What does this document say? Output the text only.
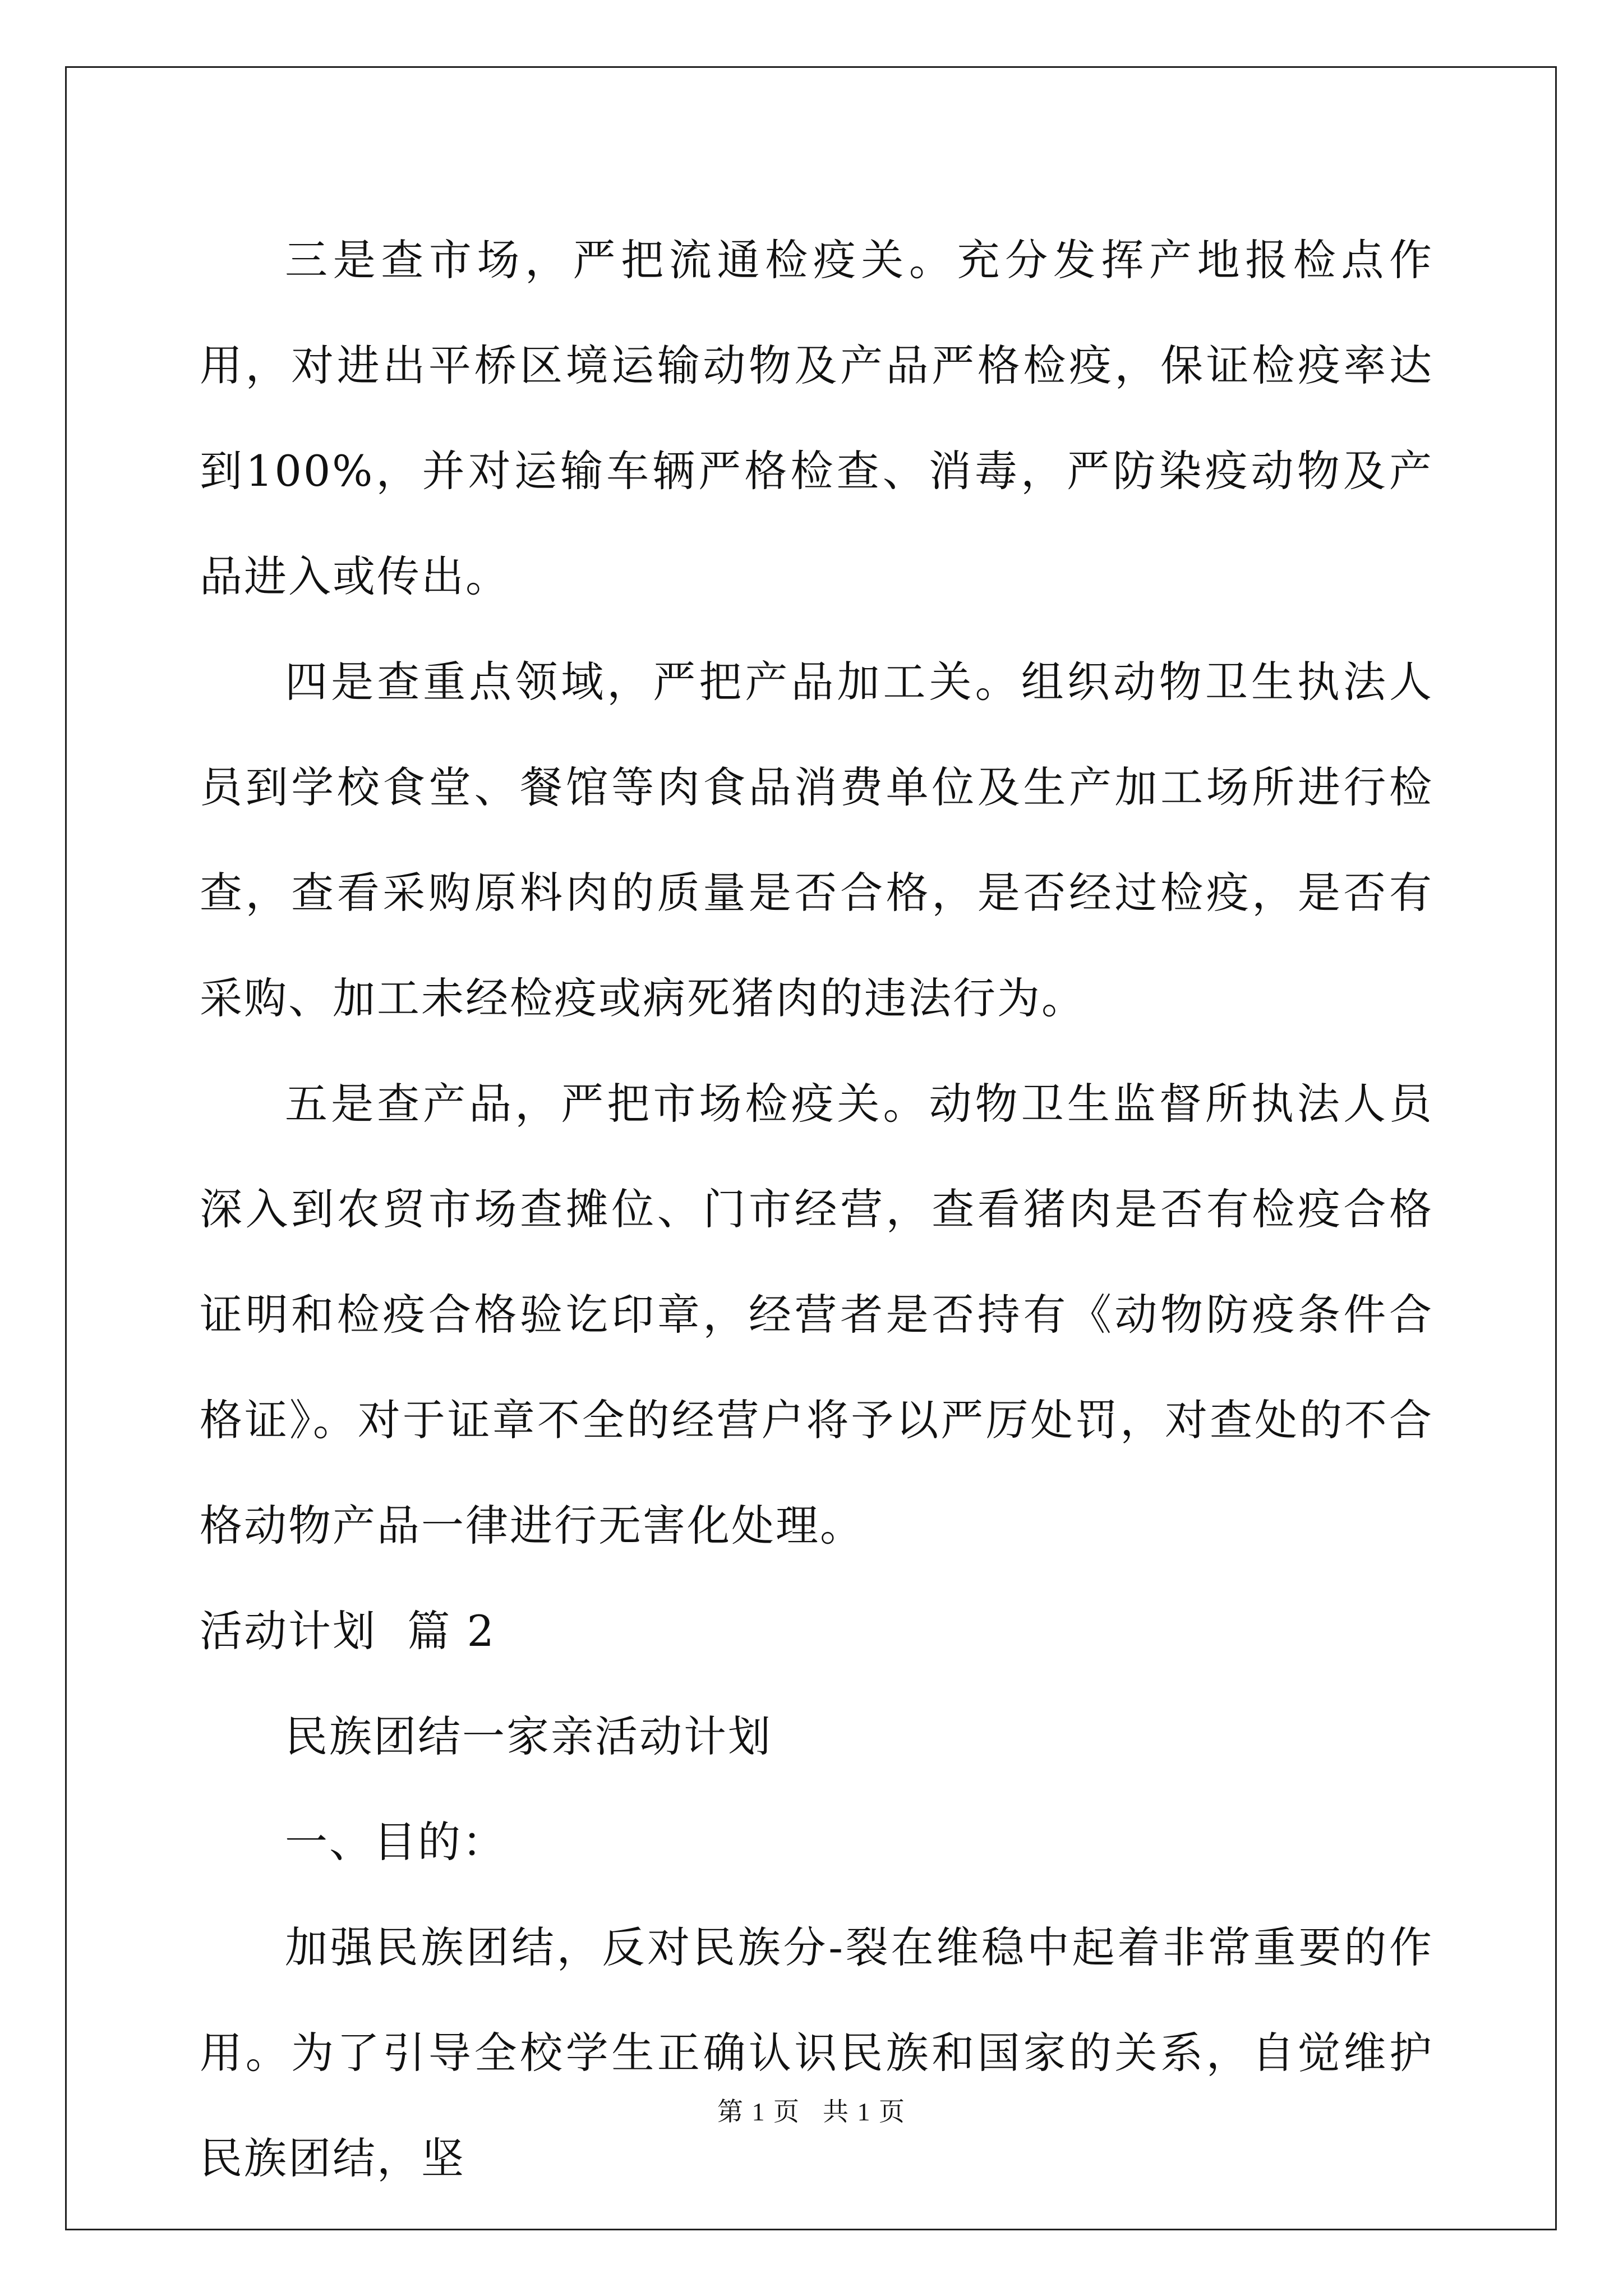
三是查市场，严把流通检疫关。充分发挥产地报检点作用，对进出平桥区境运输动物及产品严格检疫，保证检疫率达到100%，并对运输车辆严格检查、消毒，严防染疫动物及产品进入或传出。

四是查重点领域，严把产品加工关。组织动物卫生执法人员到学校食堂、餐馆等肉食品消费单位及生产加工场所进行检查，查看采购原料肉的质量是否合格，是否经过检疫，是否有采购、加工未经检疫或病死猪肉的违法行为。

五是查产品，严把市场检疫关。动物卫生监督所执法人员深入到农贸市场查摊位、门市经营，查看猪肉是否有检疫合格证明和检疫合格验讫印章，经营者是否持有《动物防疫条件合格证》。对于证章不全的经营户将予以严厉处罚，对查处的不合格动物产品一律进行无害化处理。

活动计划  篇 2

民族团结一家亲活动计划

一、目的：

加强民族团结，反对民族分-裂在维稳中起着非常重要的作用。为了引导全校学生正确认识民族和国家的关系，自觉维护民族团结，坚

第 1 页 共 1 页
